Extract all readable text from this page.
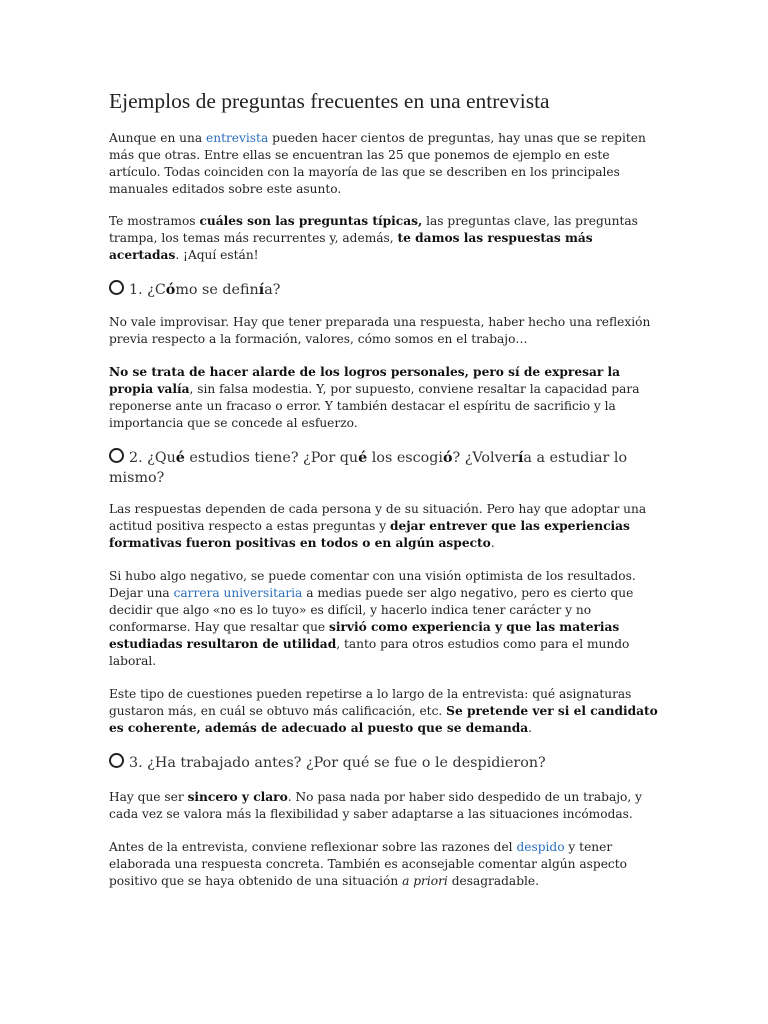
Ejemplos de preguntas frecuentes en una entrevista

Aunque en una entrevista pueden hacer cientos de preguntas, hay unas que se repiten más que otras. Entre ellas se encuentran las 25 que ponemos de ejemplo en este artículo. Todas coinciden con la mayoría de las que se describen en los principales manuales editados sobre este asunto.

Te mostramos cuáles son las preguntas típicas, las preguntas clave, las preguntas trampa, los temas más recurrentes y, además, te damos las respuestas más acertadas. ¡Aquí están!

1. ¿Cómo se definía?

No vale improvisar. Hay que tener preparada una respuesta, haber hecho una reflexión previa respecto a la formación, valores, cómo somos en el trabajo…

No se trata de hacer alarde de los logros personales, pero sí de expresar la propia valía, sin falsa modestia. Y, por supuesto, conviene resaltar la capacidad para reponerse ante un fracaso o error. Y también destacar el espíritu de sacrificio y la importancia que se concede al esfuerzo.

2. ¿Qué estudios tiene? ¿Por qué los escogió? ¿Volvería a estudiar lo mismo?

Las respuestas dependen de cada persona y de su situación. Pero hay que adoptar una actitud positiva respecto a estas preguntas y dejar entrever que las experiencias formativas fueron positivas en todos o en algún aspecto.

Si hubo algo negativo, se puede comentar con una visión optimista de los resultados. Dejar una carrera universitaria a medias puede ser algo negativo, pero es cierto que decidir que algo «no es lo tuyo» es difícil, y hacerlo indica tener carácter y no conformarse. Hay que resaltar que sirvió como experiencia y que las materias estudiadas resultaron de utilidad, tanto para otros estudios como para el mundo laboral.

Este tipo de cuestiones pueden repetirse a lo largo de la entrevista: qué asignaturas gustaron más, en cuál se obtuvo más calificación, etc. Se pretende ver si el candidato es coherente, además de adecuado al puesto que se demanda.

3. ¿Ha trabajado antes? ¿Por qué se fue o le despidieron?

Hay que ser sincero y claro. No pasa nada por haber sido despedido de un trabajo, y cada vez se valora más la flexibilidad y saber adaptarse a las situaciones incómodas.

Antes de la entrevista, conviene reflexionar sobre las razones del despido y tener elaborada una respuesta concreta. También es aconsejable comentar algún aspecto positivo que se haya obtenido de una situación a priori desagradable.
